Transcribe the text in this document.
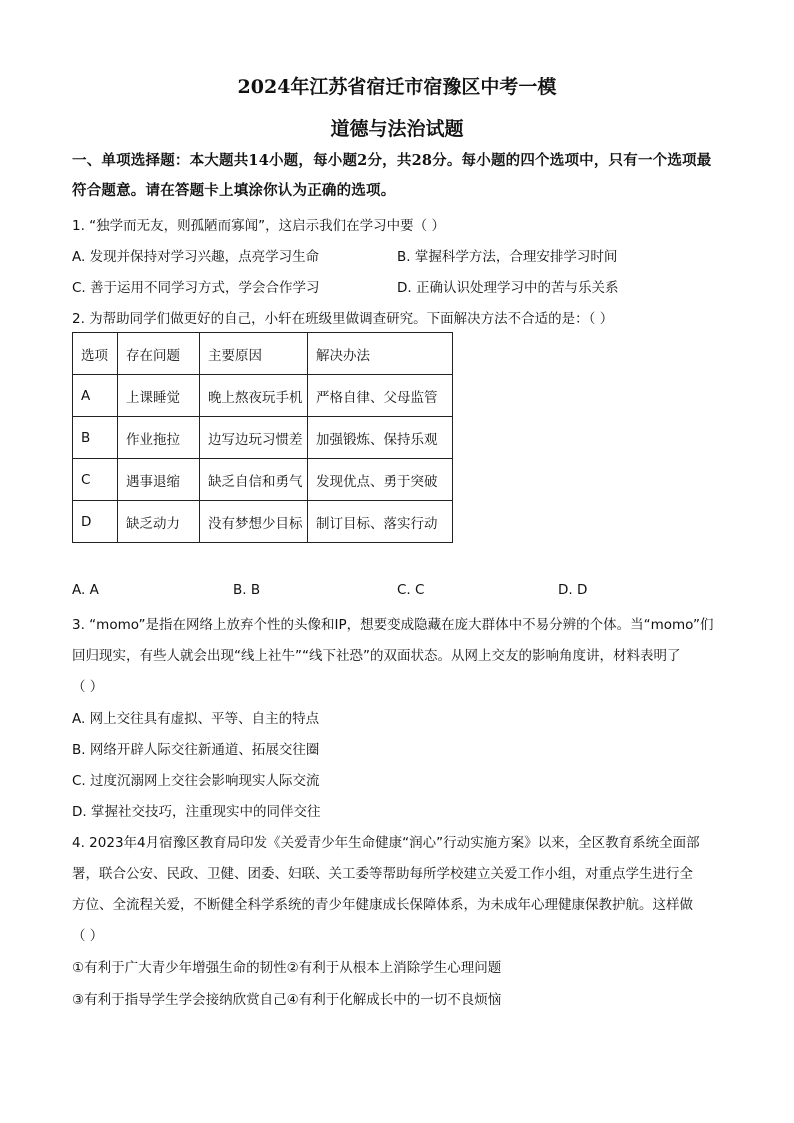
2024年江苏省宿迁市宿豫区中考一模
道德与法治试题
一、单项选择题：本大题共14小题，每小题2分，共28分。每小题的四个选项中，只有一个选项最符合题意。请在答题卡上填涂你认为正确的选项。
1. “独学而无友，则孤陋而寡闻”，这启示我们在学习中要（ ）
A. 发现并保持对学习兴趣，点亮学习生命	B. 掌握科学方法，合理安排学习时间
C. 善于运用不同学习方式，学会合作学习	D. 正确认识处理学习中的苦与乐关系
2. 为帮助同学们做更好的自己，小轩在班级里做调查研究。下面解决方法不合适的是：（ ）
选项	存在问题	主要原因	解决办法
A	上课睡觉	晚上熬夜玩手机	严格自律、父母监管
B	作业拖拉	边写边玩习惯差	加强锻炼、保持乐观
C	遇事退缩	缺乏自信和勇气	发现优点、勇于突破
D	缺乏动力	没有梦想少目标	制订目标、落实行动
A. A	B. B	C. C	D. D
3. “momo”是指在网络上放弃个性的头像和IP，想要变成隐藏在庞大群体中不易分辨的个体。当“momo”们
回归现实，有些人就会出现“线上社牛”“线下社恐”的双面状态。从网上交友的影响角度讲，材料表明了
（ ）
A. 网上交往具有虚拟、平等、自主的特点
B. 网络开辟人际交往新通道、拓展交往圈
C. 过度沉溺网上交往会影响现实人际交流
D. 掌握社交技巧，注重现实中的同伴交往
4. 2023年4月宿豫区教育局印发《关爱青少年生命健康“润心”行动实施方案》以来，全区教育系统全面部
署，联合公安、民政、卫健、团委、妇联、关工委等帮助每所学校建立关爱工作小组，对重点学生进行全
方位、全流程关爱，不断健全科学系统的青少年健康成长保障体系，为未成年心理健康保教护航。这样做
（ ）
①有利于广大青少年增强生命的韧性②有利于从根本上消除学生心理问题
③有利于指导学生学会接纳欣赏自己④有利于化解成长中的一切不良烦恼
